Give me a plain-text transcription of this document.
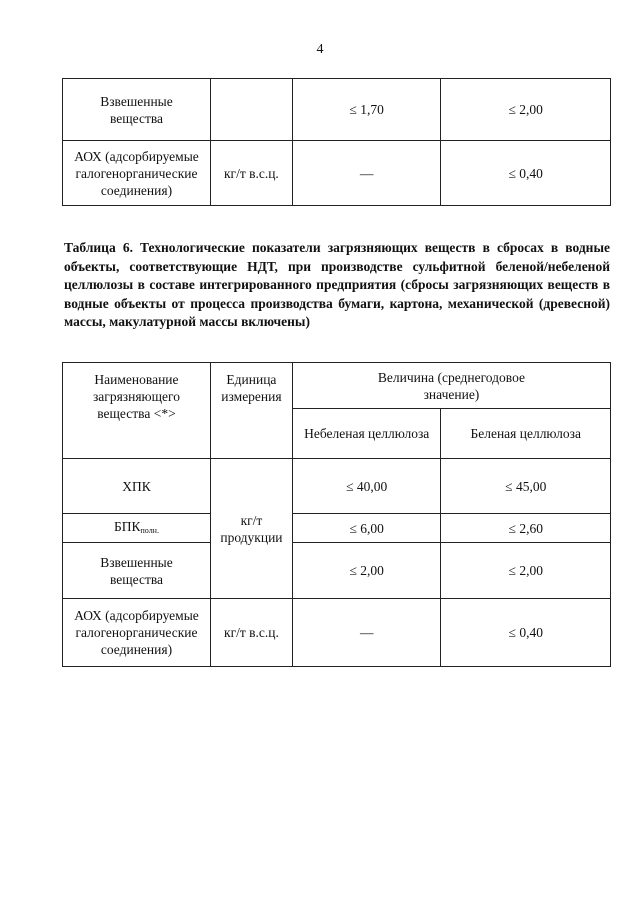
4
Взвешенные вещества		≤ 1,70	≤ 2,00
АОХ (адсорбируемые галогенорганические соединения)	кг/т в.с.ц.	—	≤ 0,40
Таблица 6. Технологические показатели загрязняющих веществ в сбросах в водные объекты, соответствующие НДТ, при производстве сульфитной беленой/небеленой целлюлозы в составе интегрированного предприятия (сбросы загрязняющих веществ в водные объекты от процесса производства бумаги, картона, механической (древесной) массы, макулатурной массы включены)
Наименование загрязняющего вещества <*>	Единица измерения	Величина (среднегодовое значение)	
		Небеленая целлюлоза	Беленая целлюлоза
ХПК	кг/т продукции	≤ 40,00	≤ 45,00
$БПК_{полн.}$		≤ 6,00	≤ 2,60
Взвешенные вещества		≤ 2,00	≤ 2,00
АОХ (адсорбируемые галогенорганические соединения)	кг/т в.с.ц.	—	≤ 0,40
